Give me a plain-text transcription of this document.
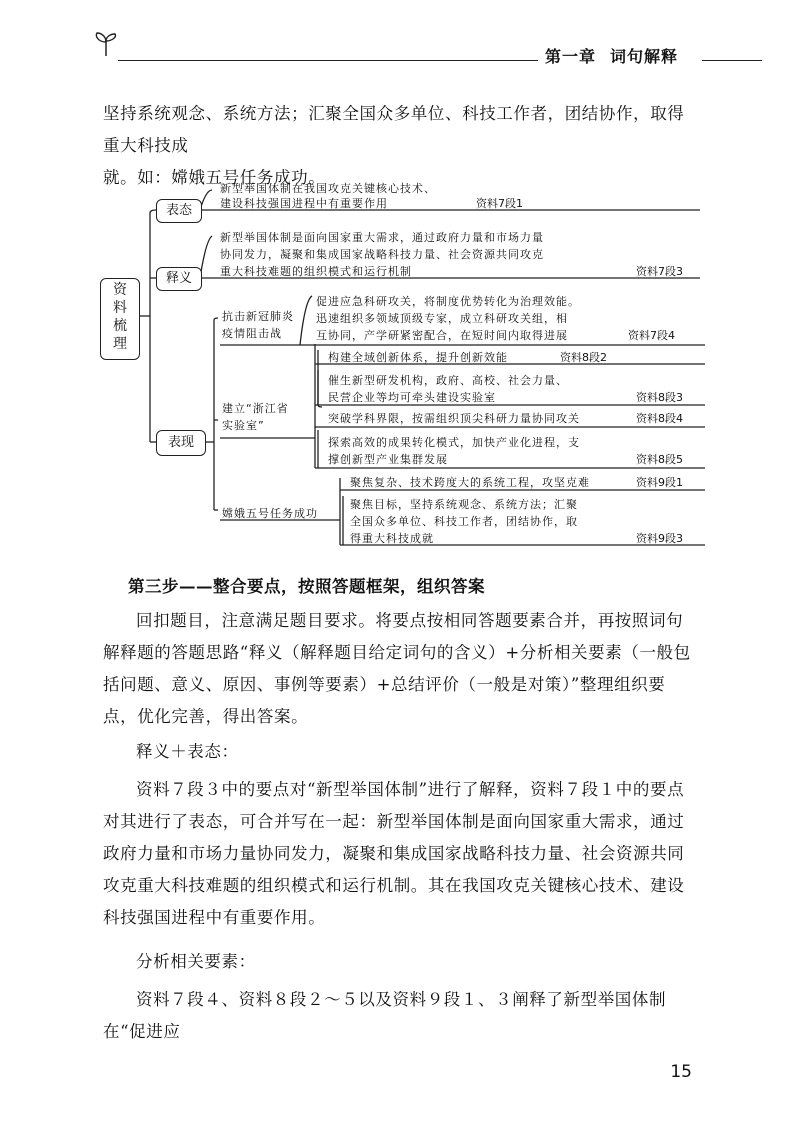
第一章 词句解释
坚持系统观念、系统方法；汇聚全国众多单位、科技工作者，团结协作，取得重大科技成
就。如：嫦娥五号任务成功。
资料梳理
表态
新型举国体制在我国攻克关键核心技术、
建设科技强国进程中有重要作用	资料7段1
释义
新型举国体制是面向国家重大需求，通过政府力量和市场力量
协同发力，凝聚和集成国家战略科技力量、社会资源共同攻克
重大科技难题的组织模式和运行机制	资料7段3
表现
抗击新冠肺炎
疫情阻击战
促进应急科研攻关，将制度优势转化为治理效能。
迅速组织多领域顶级专家，成立科研攻关组，相
互协同，产学研紧密配合，在短时间内取得进展	资料7段4
建立“浙江省
实验室”
构建全域创新体系，提升创新效能	资料8段2
催生新型研发机构，政府、高校、社会力量、
民营企业等均可牵头建设实验室	资料8段3
突破学科界限，按需组织顶尖科研力量协同攻关	资料8段4
探索高效的成果转化模式，加快产业化进程，支
撑创新型产业集群发展	资料8段5
嫦娥五号任务成功
聚焦复杂、技术跨度大的系统工程，攻坚克难	资料9段1
聚焦目标，坚持系统观念、系统方法；汇聚
全国众多单位、科技工作者，团结协作，取
得重大科技成就	资料9段3
第三步——整合要点，按照答题框架，组织答案
回扣题目，注意满足题目要求。将要点按相同答题要素合并，再按照词句解释题的答题思路“释义（解释题目给定词句的含义）+分析相关要素（一般包括问题、意义、原因、事例等要素）+总结评价（一般是对策）”整理组织要点，优化完善，得出答案。
释义＋表态：
资料７段３中的要点对“新型举国体制”进行了解释，资料７段１中的要点对其进行了表态，可合并写在一起：新型举国体制是面向国家重大需求，通过政府力量和市场力量协同发力，凝聚和集成国家战略科技力量、社会资源共同攻克重大科技难题的组织模式和运行机制。其在我国攻克关键核心技术、建设科技强国进程中有重要作用。
分析相关要素：
资料７段４、资料８段２～５以及资料９段１、３阐释了新型举国体制在“促进应
15
